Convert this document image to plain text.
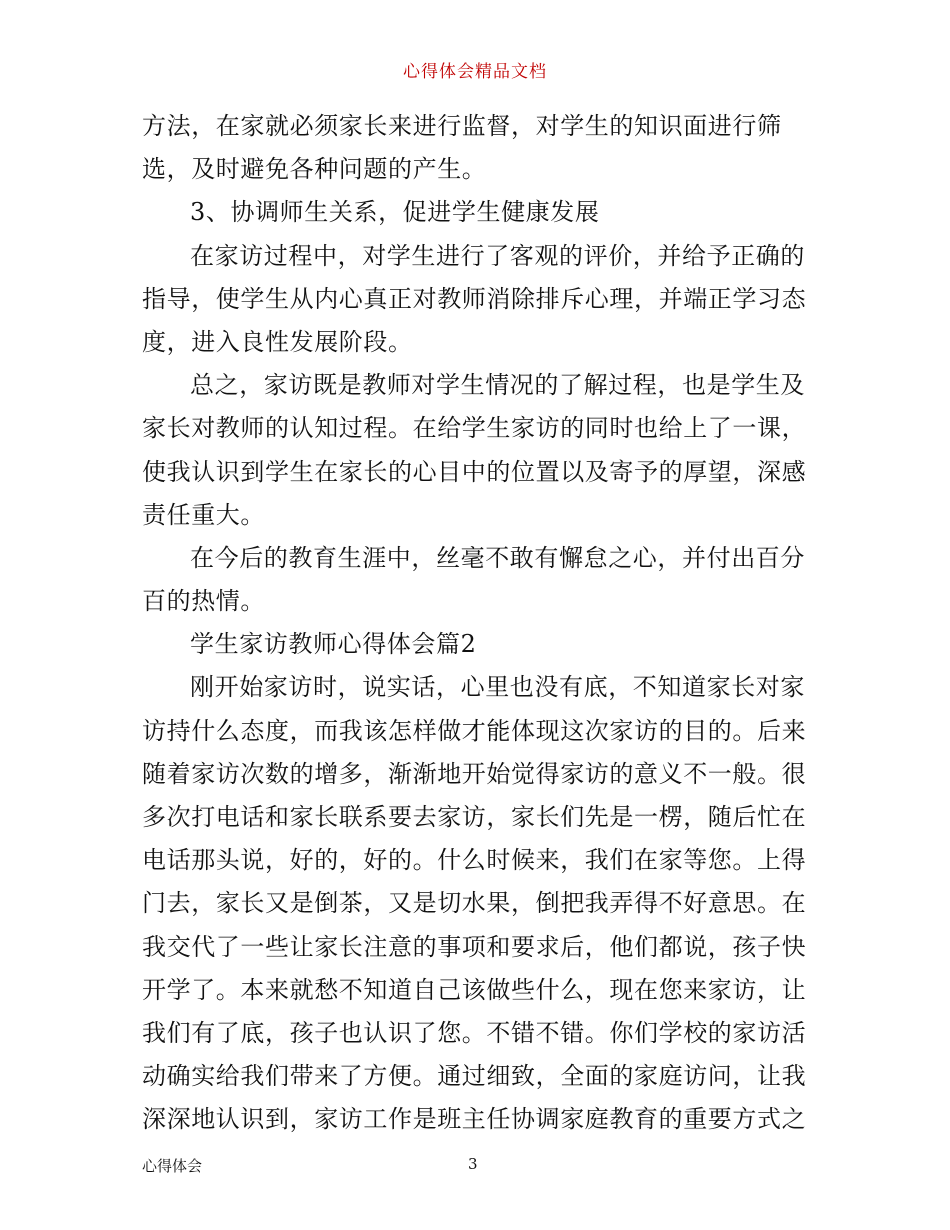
心得体会精品文档
方法，在家就必须家长来进行监督，对学生的知识面进行筛
选，及时避免各种问题的产生。
3、协调师生关系，促进学生健康发展
在家访过程中，对学生进行了客观的评价，并给予正确的
指导，使学生从内心真正对教师消除排斥心理，并端正学习态
度，进入良性发展阶段。
总之，家访既是教师对学生情况的了解过程，也是学生及
家长对教师的认知过程。在给学生家访的同时也给上了一课，
使我认识到学生在家长的心目中的位置以及寄予的厚望，深感
责任重大。
在今后的教育生涯中，丝毫不敢有懈怠之心，并付出百分
百的热情。
学生家访教师心得体会篇2
刚开始家访时，说实话，心里也没有底，不知道家长对家
访持什么态度，而我该怎样做才能体现这次家访的目的。后来
随着家访次数的增多，渐渐地开始觉得家访的意义不一般。很
多次打电话和家长联系要去家访，家长们先是一楞，随后忙在
电话那头说，好的，好的。什么时候来，我们在家等您。上得
门去，家长又是倒茶，又是切水果，倒把我弄得不好意思。在
我交代了一些让家长注意的事项和要求后，他们都说，孩子快
开学了。本来就愁不知道自己该做些什么，现在您来家访，让
我们有了底，孩子也认识了您。不错不错。你们学校的家访活
动确实给我们带来了方便。通过细致，全面的家庭访问，让我
深深地认识到，家访工作是班主任协调家庭教育的重要方式之
心得体会	3
